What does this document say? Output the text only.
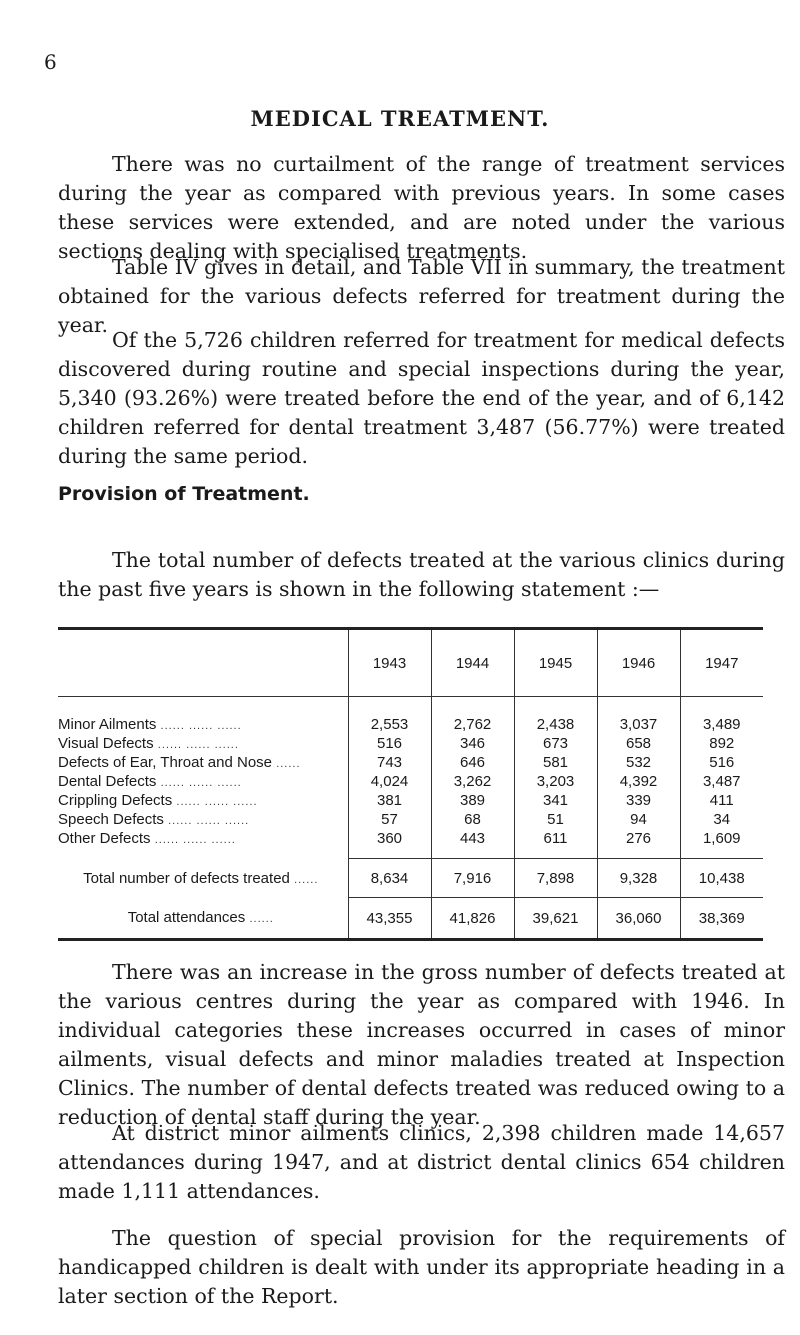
6
MEDICAL TREATMENT.

There was no curtailment of the range of treatment services during the year as compared with previous years. In some cases these services were extended, and are noted under the various sections dealing with specialised treatments.

Table IV gives in detail, and Table VII in summary, the treatment obtained for the various defects referred for treatment during the year.

Of the 5,726 children referred for treatment for medical defects discovered during routine and special inspections during the year, 5,340 (93.26%) were treated before the end of the year, and of 6,142 children referred for dental treatment 3,487 (56.77%) were treated during the same period.

Provision of Treatment.

The total number of defects treated at the various clinics during the past five years is shown in the following statement :—

	1943	1944	1945	1946	1947
Minor Ailments ...... ...... ......	2,553	2,762	2,438	3,037	3,489
Visual Defects ...... ...... ......	516	346	673	658	892
Defects of Ear, Throat and Nose ......	743	646	581	532	516
Dental Defects ...... ...... ......	4,024	3,262	3,203	4,392	3,487
Crippling Defects ...... ...... ......	381	389	341	339	411
Speech Defects ...... ...... ......	57	68	51	94	34
Other Defects ...... ...... ......	360	443	611	276	1,609
Total number of defects treated ......	8,634	7,916	7,898	9,328	10,438
Total attendances ......	43,355	41,826	39,621	36,060	38,369

There was an increase in the gross number of defects treated at the various centres during the year as compared with 1946. In individual categories these increases occurred in cases of minor ailments, visual defects and minor maladies treated at Inspection Clinics. The number of dental defects treated was reduced owing to a reduction of dental staff during the year.

At district minor ailments clinics, 2,398 children made 14,657 attendances during 1947, and at district dental clinics 654 children made 1,111 attendances.

The question of special provision for the requirements of handicapped children is dealt with under its appropriate heading in a later section of the Report.
